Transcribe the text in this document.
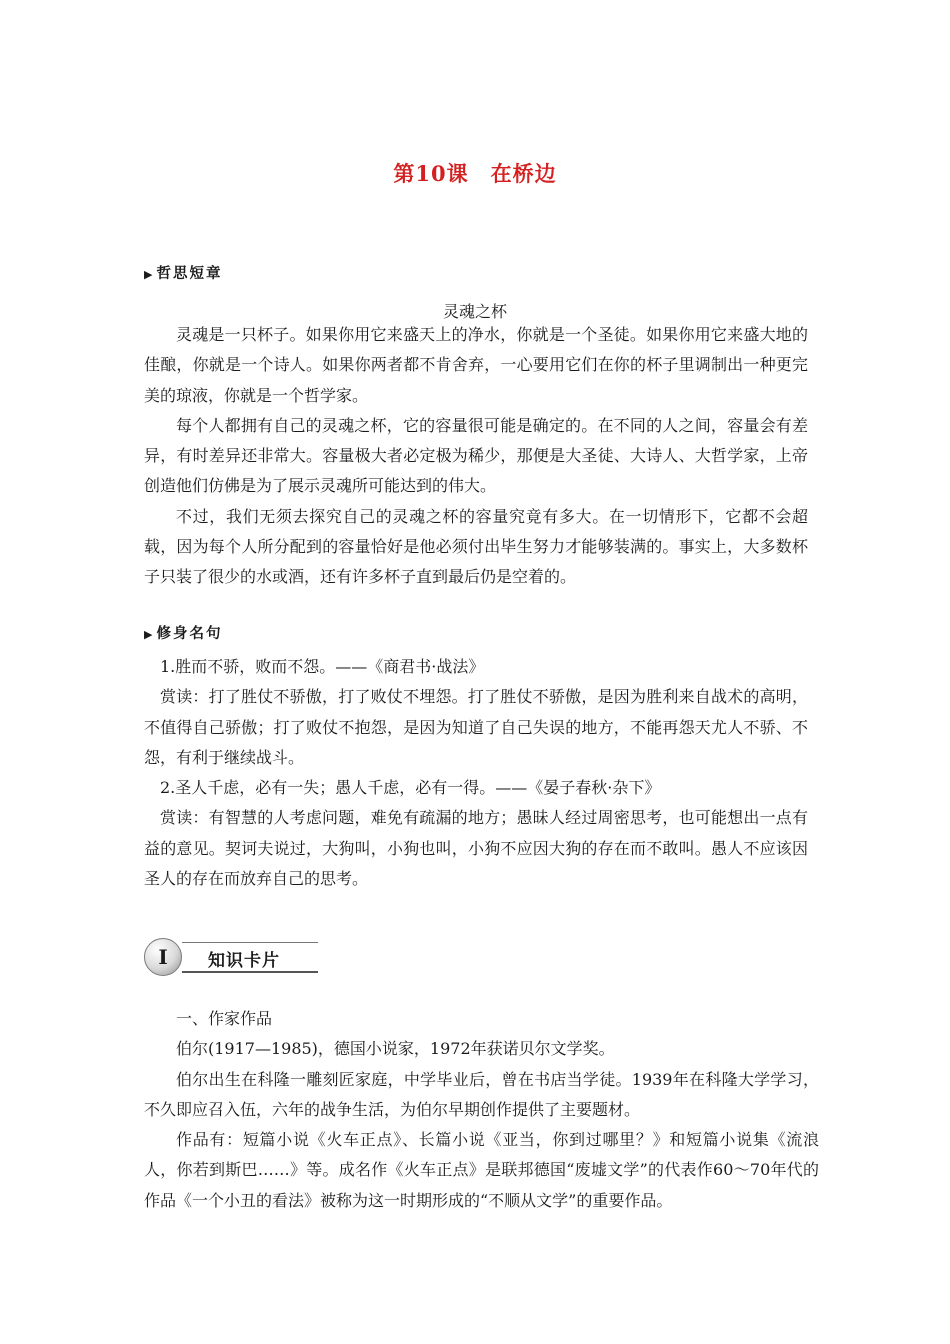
第10课 在桥边
▶ 哲思短章
灵魂之杯

灵魂是一只杯子。如果你用它来盛天上的净水，你就是一个圣徒。如果你用它来盛大地的佳酿，你就是一个诗人。如果你两者都不肯舍弃，一心要用它们在你的杯子里调制出一种更完美的琼液，你就是一个哲学家。

每个人都拥有自己的灵魂之杯，它的容量很可能是确定的。在不同的人之间，容量会有差异，有时差异还非常大。容量极大者必定极为稀少，那便是大圣徒、大诗人、大哲学家，上帝创造他们仿佛是为了展示灵魂所可能达到的伟大。

不过，我们无须去探究自己的灵魂之杯的容量究竟有多大。在一切情形下，它都不会超载，因为每个人所分配到的容量恰好是他必须付出毕生努力才能够装满的。事实上，大多数杯子只装了很少的水或酒，还有许多杯子直到最后仍是空着的。

▶ 修身名句

1.胜而不骄，败而不怨。——《商君书·战法》

赏读：打了胜仗不骄傲，打了败仗不埋怨。打了胜仗不骄傲，是因为胜利来自战术的高明，不值得自己骄傲；打了败仗不抱怨，是因为知道了自己失误的地方，不能再怨天尤人不骄、不怨，有利于继续战斗。

2.圣人千虑，必有一失；愚人千虑，必有一得。——《晏子春秋·杂下》

赏读：有智慧的人考虑问题，难免有疏漏的地方；愚昧人经过周密思考，也可能想出一点有益的意见。契诃夫说过，大狗叫，小狗也叫，小狗不应因大狗的存在而不敢叫。愚人不应该因圣人的存在而放弃自己的思考。

I	知识卡片

一、作家作品

伯尔(1917—1985)，德国小说家，1972年获诺贝尔文学奖。

伯尔出生在科隆一雕刻匠家庭，中学毕业后，曾在书店当学徒。1939年在科隆大学学习，不久即应召入伍，六年的战争生活，为伯尔早期创作提供了主要题材。

作品有：短篇小说《火车正点》、长篇小说《亚当，你到过哪里？》和短篇小说集《流浪人，你若到斯巴……》等。成名作《火车正点》是联邦德国“废墟文学”的代表作60～70年代的作品《一个小丑的看法》被称为这一时期形成的“不顺从文学”的重要作品。
